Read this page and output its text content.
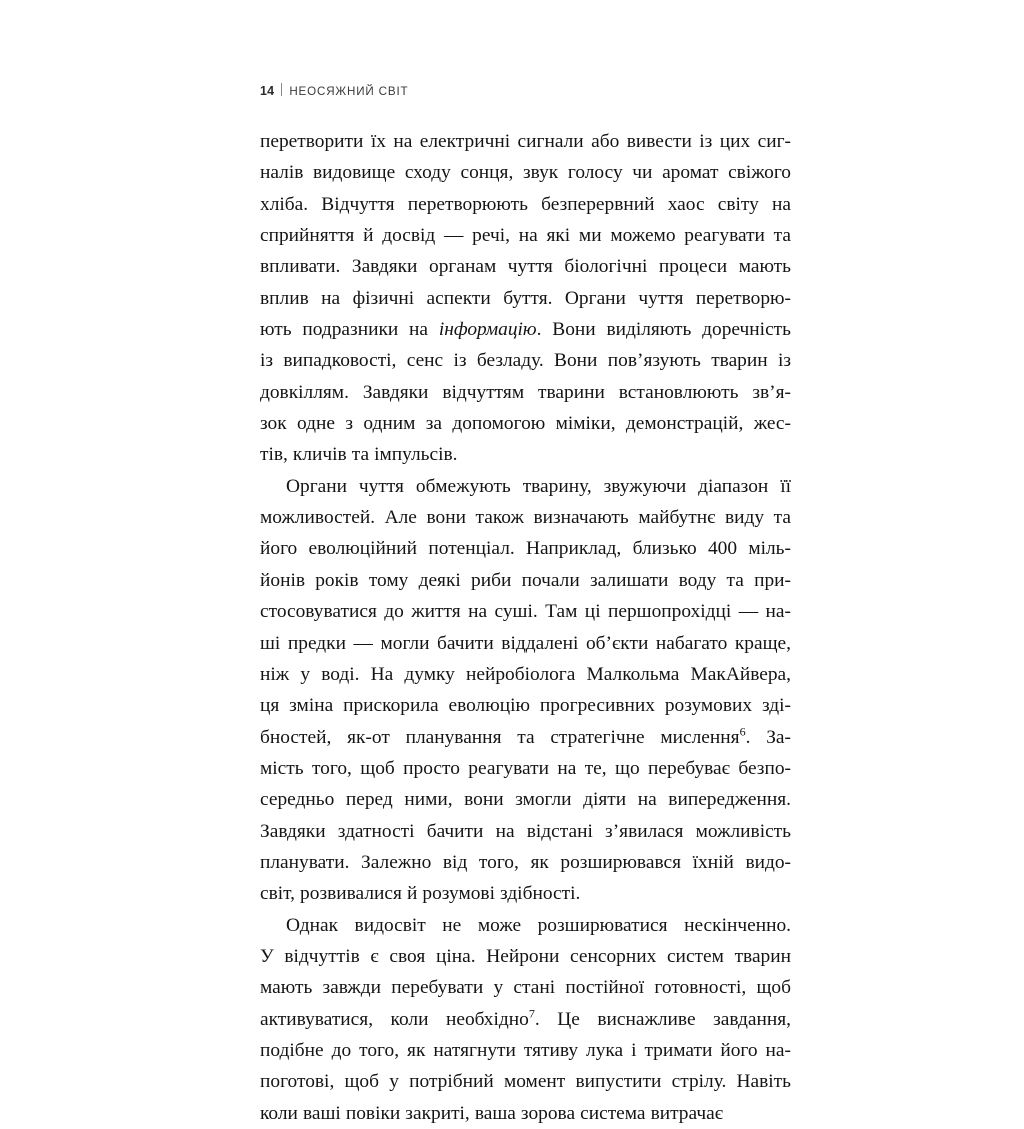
14 НЕОСЯЖНИЙ СВІТ

перетворити їх на електричні сигнали або вивести із цих сиг-
налів видовище сходу сонця, звук голосу чи аромат свіжого
хліба. Відчуття перетворюють безперервний хаос світу на
сприйняття й досвід — речі, на які ми можемо реагувати та
впливати. Завдяки органам чуття біологічні процеси мають
вплив на фізичні аспекти буття. Органи чуття перетворю-
ють подразники на інформацію. Вони виділяють доречність
із випадковості, сенс із безладу. Вони пов’язують тварин із
довкіллям. Завдяки відчуттям тварини встановлюють зв’я-
зок одне з одним за допомогою міміки, демонстрацій, жес-
тів, кличів та імпульсів.

Органи чуття обмежують тварину, звужуючи діапазон її
можливостей. Але вони також визначають майбутнє виду та
його еволюційний потенціал. Наприклад, близько 400 міль-
йонів років тому деякі риби почали залишати воду та при-
стосовуватися до життя на суші. Там ці першопрохідці — на-
ші предки — могли бачити віддалені об’єкти набагато краще,
ніж у воді. На думку нейробіолога Малкольма МакАйвера,
ця зміна прискорила еволюцію прогресивних розумових зді-
бностей, як-от планування та стратегічне мислення$^6$. За-
мість того, щоб просто реагувати на те, що перебуває безпо-
середньо перед ними, вони змогли діяти на випередження.
Завдяки здатності бачити на відстані з’явилася можливість
планувати. Залежно від того, як розширювався їхній видо-
світ, розвивалися й розумові здібності.

Однак видосвіт не може розширюватися нескінченно.
У відчуттів є своя ціна. Нейрони сенсорних систем тварин
мають завжди перебувати у стані постійної готовності, щоб
активуватися, коли необхідно$^7$. Це виснажливе завдання,
подібне до того, як натягнути тятиву лука і тримати його на-
поготові, щоб у потрібний момент випустити стрілу. Навіть
коли ваші повіки закриті, ваша зорова система витрачає
